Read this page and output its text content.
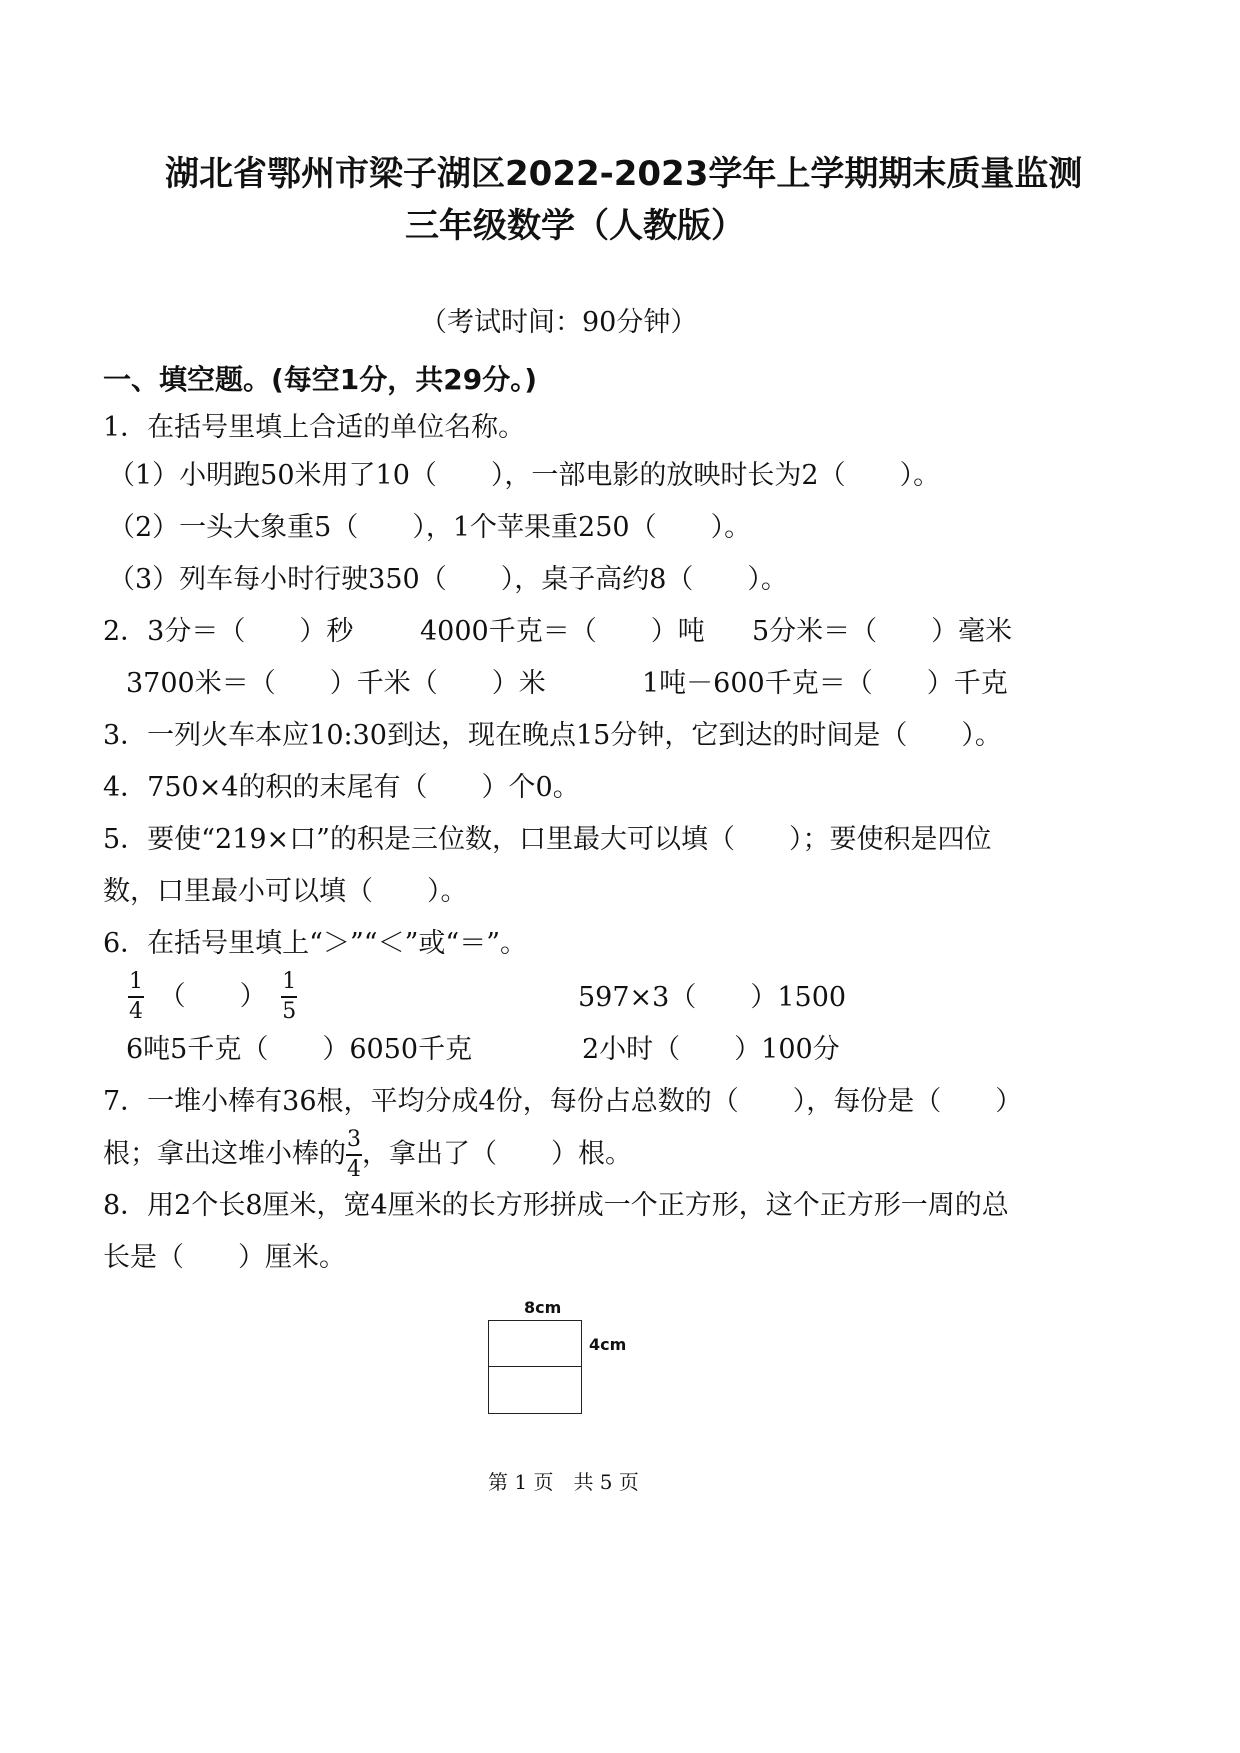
湖北省鄂州市梁子湖区2022-2023学年上学期期末质量监测
三年级数学（人教版）
（考试时间：90分钟）
一、填空题。(每空1分，共29分。)
1．在括号里填上合适的单位名称。
（1）小明跑50米用了10（　　），一部电影的放映时长为2（　　）。
（2）一头大象重5（　　），1个苹果重250（　　）。
（3）列车每小时行驶350（　　），桌子高约8（　　）。
2．3分＝（　　）秒 4000千克＝（　　）吨 5分米＝（　　）毫米
3700米＝（　　）千米（　　）米	1吨－600千克＝（　　）千克
3．一列火车本应10:30到达，现在晚点15分钟，它到达的时间是（　　）。
4．750×4的积的末尾有（　　）个0。
5．要使“219×口”的积是三位数，口里最大可以填（　　）；要使积是四位
数，口里最小可以填（　　）。
6．在括号里填上“＞”“＜”或“＝”。
$\frac{1}{4}$ （　　） $\frac{1}{5}$	597×3（　　）1500
6吨5千克（　　）6050千克	2小时（　　）100分
7．一堆小棒有36根，平均分成4份，每份占总数的（　　），每份是（　　）
根；拿出这堆小棒的 $\frac{3}{4}$ ，拿出了（　　）根。
8．用2个长8厘米，宽4厘米的长方形拼成一个正方形，这个正方形一周的总
长是（　　）厘米。
8cm
4cm
第 1 页　共 5 页
